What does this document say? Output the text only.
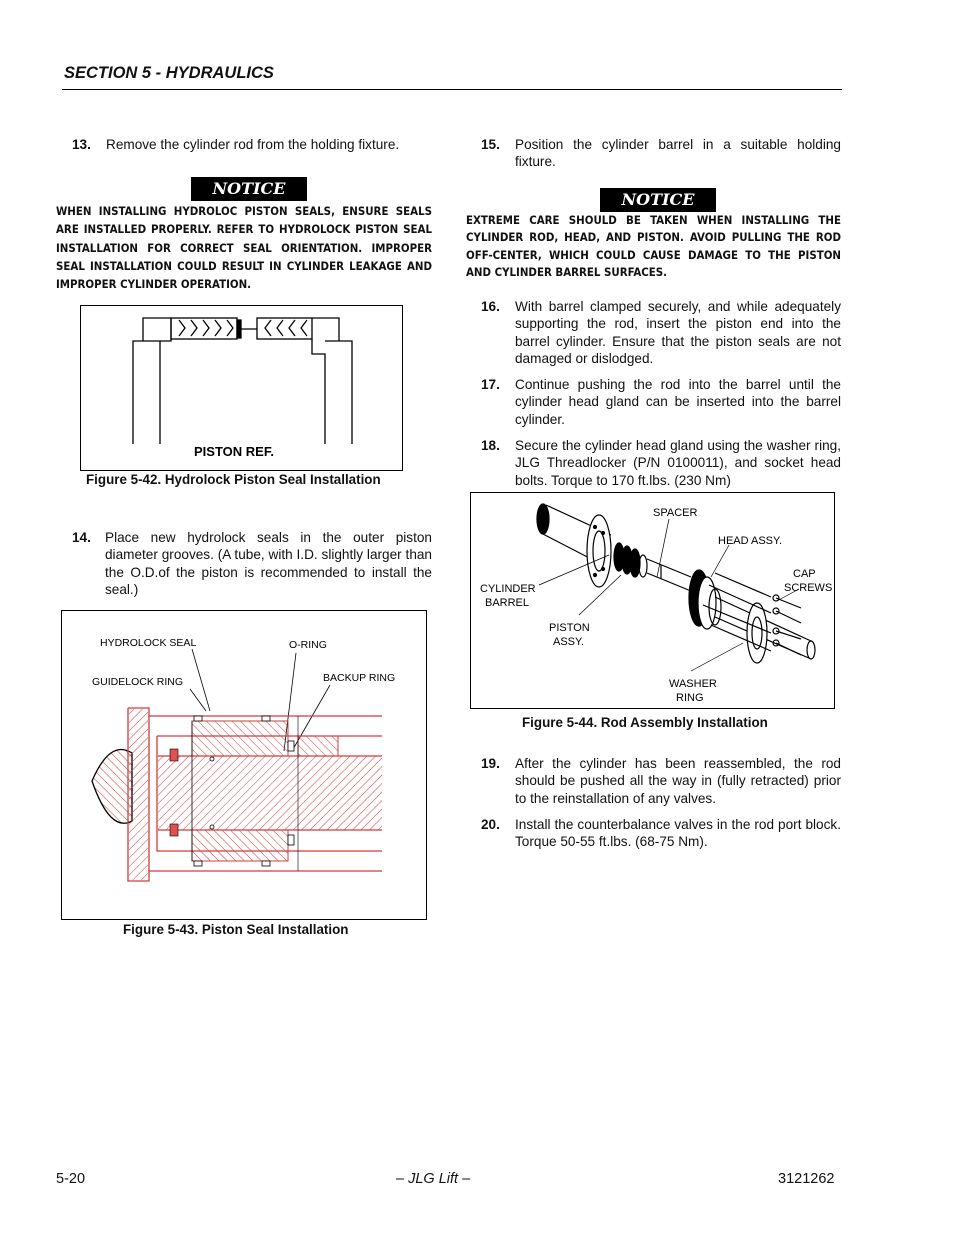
SECTION 5 - HYDRAULICS
13. Remove the cylinder rod from the holding fixture.
NOTICE
WHEN INSTALLING HYDROLOC PISTON SEALS, ENSURE SEALS ARE INSTALLED PROPERLY. REFER TO HYDROLOCK PISTON SEAL INSTALLATION FOR CORRECT SEAL ORIENTATION. IMPROPER SEAL INSTALLATION COULD RESULT IN CYLINDER LEAKAGE AND IMPROPER CYLINDER OPERATION.
PISTON REF.
Figure 5-42. Hydrolock Piston Seal Installation
14. Place new hydrolock seals in the outer piston diameter grooves. (A tube, with I.D. slightly larger than the O.D.of the piston is recommended to install the seal.)
HYDROLOCK SEAL	O-RING
GUIDELOCK RING	BACKUP RING
Figure 5-43. Piston Seal Installation
15. Position the cylinder barrel in a suitable holding fixture.
NOTICE
EXTREME CARE SHOULD BE TAKEN WHEN INSTALLING THE CYLINDER ROD, HEAD, AND PISTON. AVOID PULLING THE ROD OFF-CENTER, WHICH COULD CAUSE DAMAGE TO THE PISTON AND CYLINDER BARREL SURFACES.
16. With barrel clamped securely, and while adequately supporting the rod, insert the piston end into the barrel cylinder. Ensure that the piston seals are not damaged or dislodged.
17. Continue pushing the rod into the barrel until the cylinder head gland can be inserted into the barrel cylinder.
18. Secure the cylinder head gland using the washer ring, JLG Threadlocker (P/N 0100011), and socket head bolts. Torque to 170 ft.lbs. (230 Nm)
SPACER
HEAD ASSY.
CAP
SCREWS
CYLINDER
BARREL
PISTON
ASSY.
WASHER
RING
Figure 5-44. Rod Assembly Installation
19. After the cylinder has been reassembled, the rod should be pushed all the way in (fully retracted) prior to the reinstallation of any valves.
20. Install the counterbalance valves in the rod port block. Torque 50-55 ft.lbs. (68-75 Nm).
5-20	– JLG Lift –	3121262
